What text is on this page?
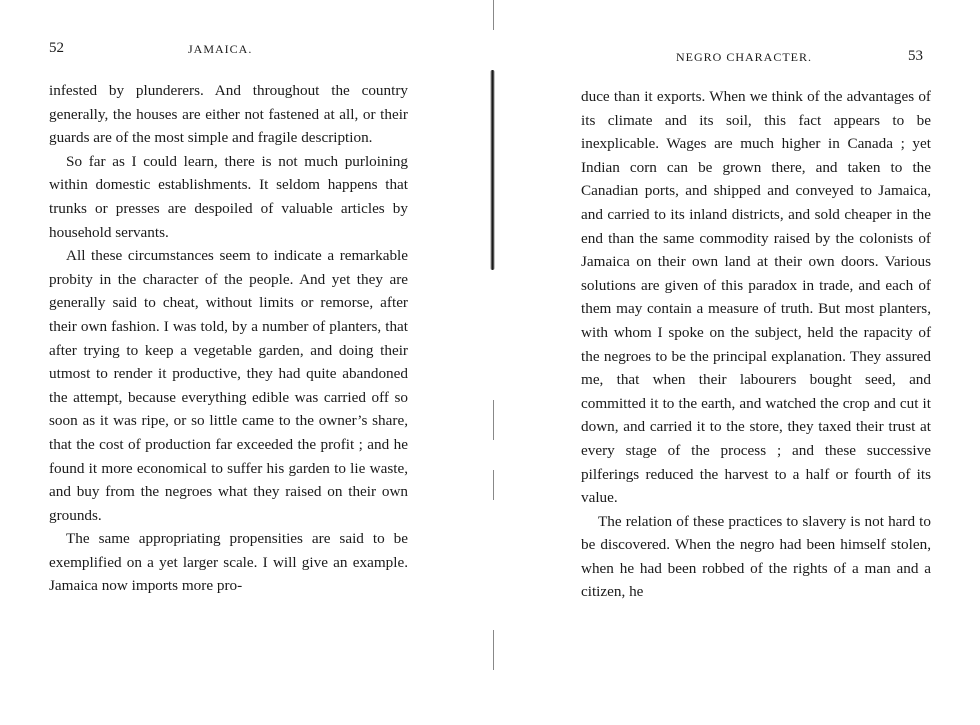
52	JAMAICA.

infested by plunderers. And throughout the country generally, the houses are either not fastened at all, or their guards are of the most simple and fragile description.

So far as I could learn, there is not much purloining within domestic establishments. It seldom happens that trunks or presses are despoiled of valuable articles by household servants.

All these circumstances seem to indicate a remarkable probity in the character of the people. And yet they are generally said to cheat, without limits or remorse, after their own fashion. I was told, by a number of planters, that after trying to keep a vegetable garden, and doing their utmost to render it productive, they had quite abandoned the attempt, because everything edible was carried off so soon as it was ripe, or so little came to the owner’s share, that the cost of production far exceeded the profit ; and he found it more economical to suffer his garden to lie waste, and buy from the negroes what they raised on their own grounds.

The same appropriating propensities are said to be exemplified on a yet larger scale. I will give an example. Jamaica now imports more pro-

NEGRO CHARACTER.	53

duce than it exports. When we think of the advantages of its climate and its soil, this fact appears to be inexplicable. Wages are much higher in Canada ; yet Indian corn can be grown there, and taken to the Canadian ports, and shipped and conveyed to Jamaica, and carried to its inland districts, and sold cheaper in the end than the same commodity raised by the colonists of Jamaica on their own land at their own doors. Various solutions are given of this paradox in trade, and each of them may contain a measure of truth. But most planters, with whom I spoke on the subject, held the rapacity of the negroes to be the principal explanation. They assured me, that when their labourers bought seed, and committed it to the earth, and watched the crop and cut it down, and carried it to the store, they taxed their trust at every stage of the process ; and these successive pilferings reduced the harvest to a half or fourth of its value.

The relation of these practices to slavery is not hard to be discovered. When the negro had been himself stolen, when he had been robbed of the rights of a man and a citizen, he
